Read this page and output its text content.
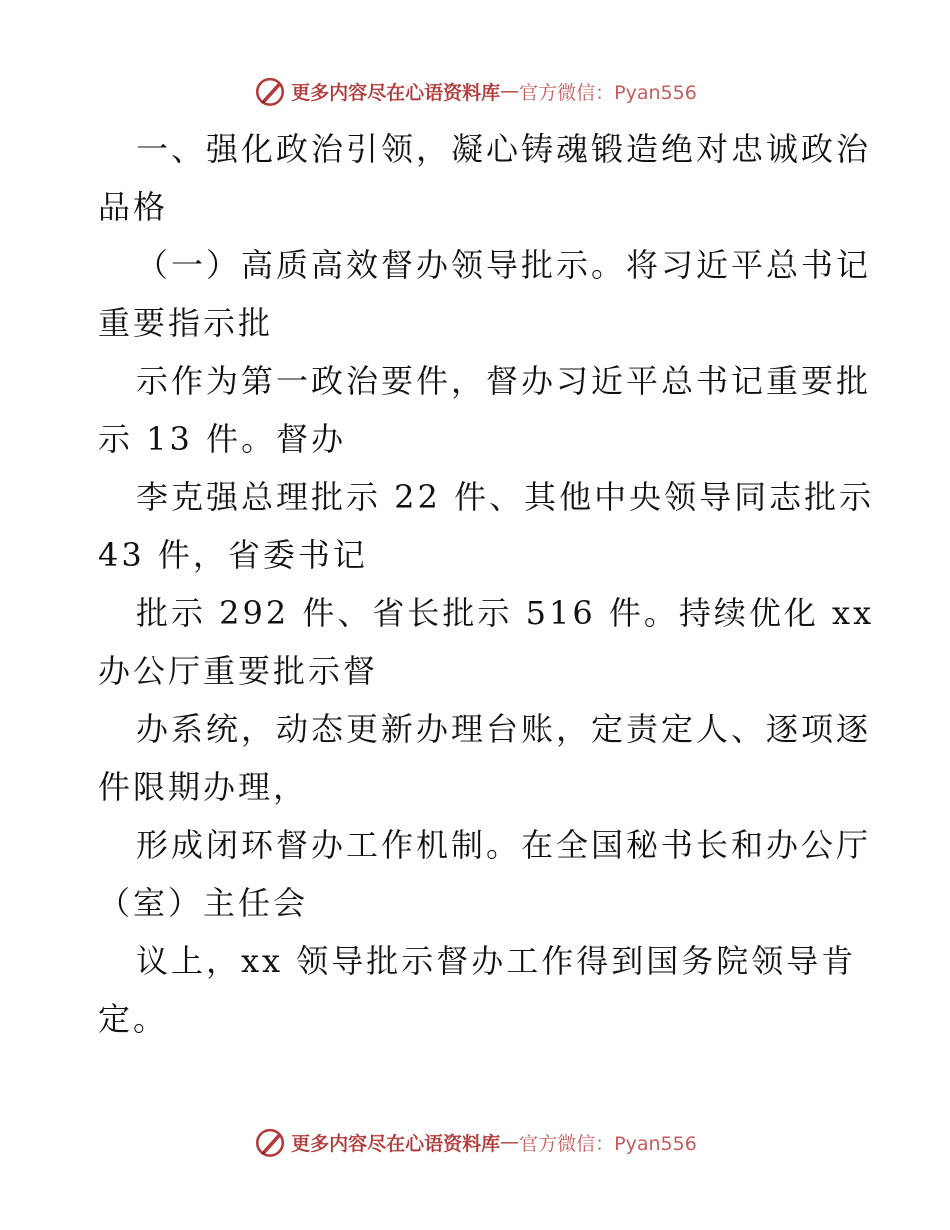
更多内容尽在心语资料库 — 官方微信：Pyan556
一、强化政治引领，凝心铸魂锻造绝对忠诚政治
品格
（一）高质高效督办领导批示。将习近平总书记
重要指示批
示作为第一政治要件，督办习近平总书记重要批
示 13 件。督办
李克强总理批示 22 件、其他中央领导同志批示
43 件，省委书记
批示 292 件、省长批示 516 件。持续优化 xx
办公厅重要批示督
办系统，动态更新办理台账，定责定人、逐项逐
件限期办理，
形成闭环督办工作机制。在全国秘书长和办公厅
（室）主任会
议上，xx 领导批示督办工作得到国务院领导肯
定。
更多内容尽在心语资料库 — 官方微信：Pyan556
